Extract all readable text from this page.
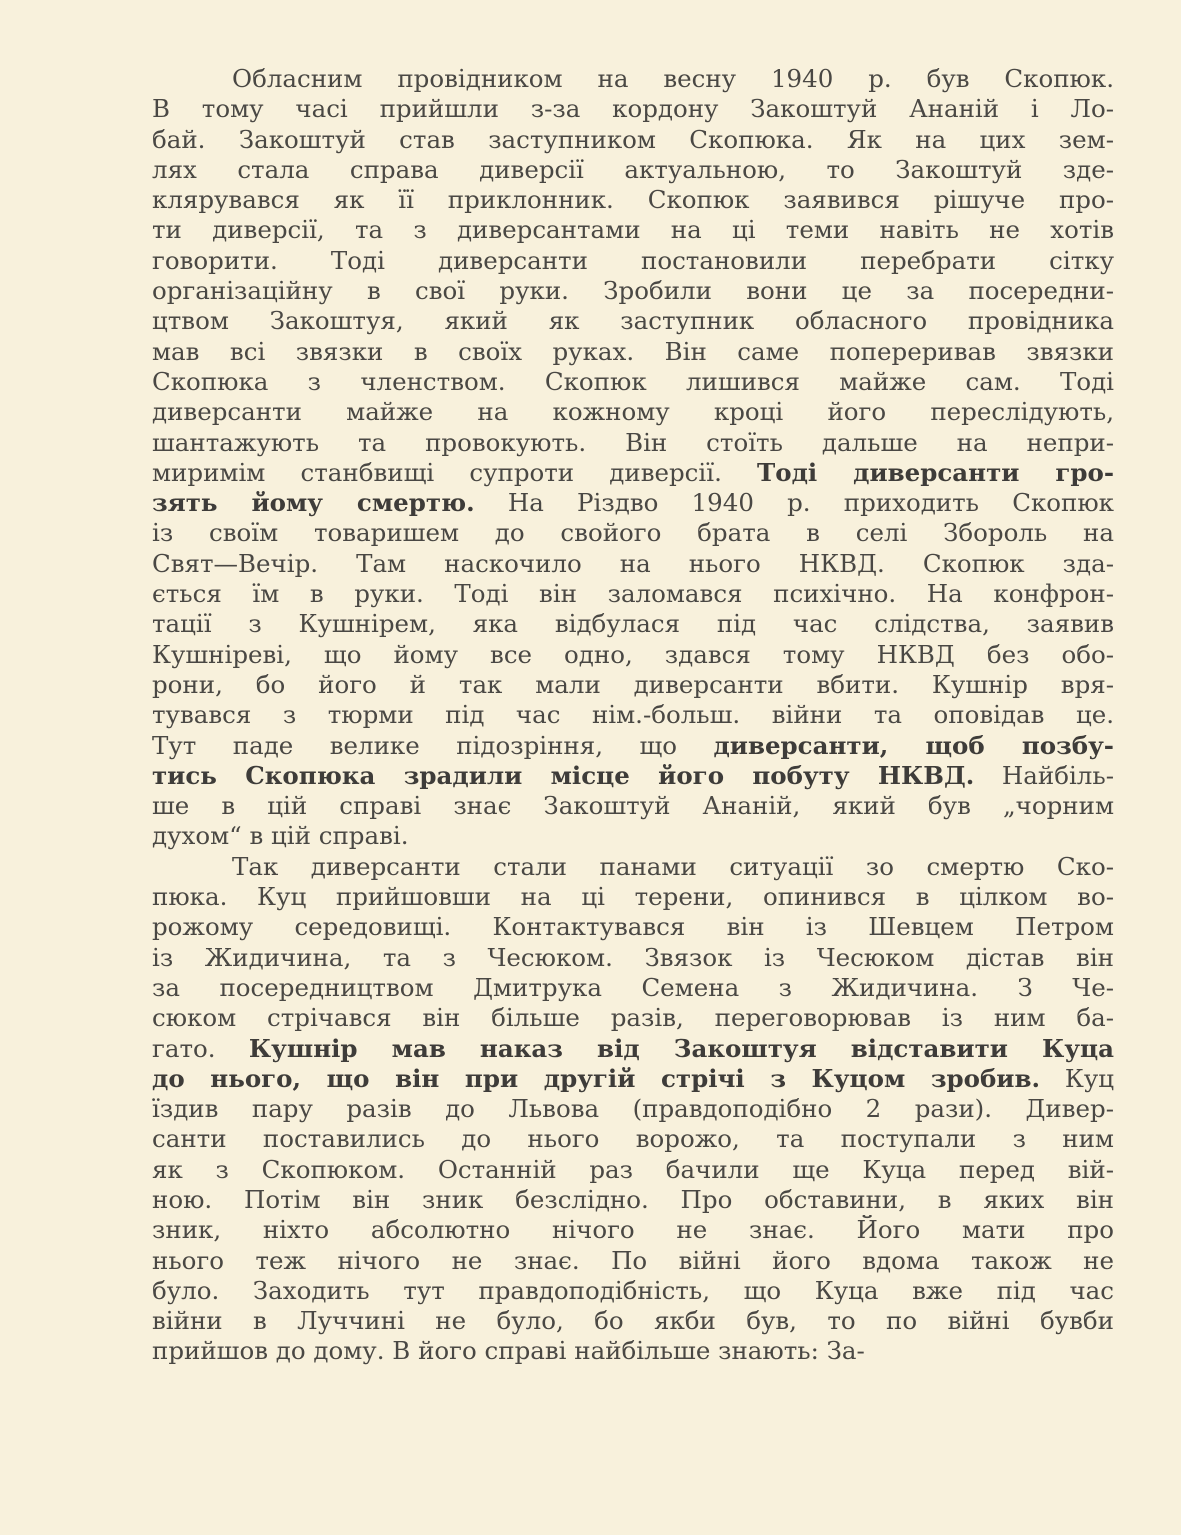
Обласним провідником на весну 1940 р. був Скопюк.
В тому часі прийшли з-за кордону Закоштуй Ананій і Ло-
бай. Закоштуй став заступником Скопюка. Як на цих зем-
лях стала справа диверсії актуальною, то Закоштуй зде-
клярувався як її приклонник. Скопюк заявився рішуче про-
ти диверсії, та з диверсантами на ці теми навіть не хотів
говорити. Тоді диверсанти постановили перебрати сітку
організаційну в свої руки. Зробили вони це за посередни-
цтвом Закоштуя, який як заступник обласного провідника
мав всі звязки в своїх руках. Він саме попереривав звязки
Скопюка з членством. Скопюк лишився майже сам. Тоді
диверсанти майже на кожному кроці його переслідують,
шантажують та провокують. Він стоїть дальше на непри-
миримім станбвищі супроти диверсії. Тоді диверсанти гро-
зять йому смертю. На Різдво 1940 р. приходить Скопюк
із своїм товаришем до свойого брата в селі Збороль на
Свят—Вечір. Там наскочило на нього НКВД. Скопюк зда-
ється їм в руки. Тоді він заломався психічно. На конфрон-
тації з Кушнірем, яка відбулася під час слідства, заявив
Кушніреві, що йому все одно, здався тому НКВД без обо-
рони, бо його й так мали диверсанти вбити. Кушнір вря-
тувався з тюрми під час нім.-больш. війни та оповідав це.
Тут паде велике підозріння, що диверсанти, щоб позбу-
тись Скопюка зрадили місце його побуту НКВД. Найбіль-
ше в цій справі знає Закоштуй Ананій, який був „чорним
духом“ в цій справі.
Так диверсанти стали панами ситуації зо смертю Ско-
пюка. Куц прийшовши на ці терени, опинився в цілком во-
рожому середовищі. Контактувався він із Шевцем Петром
із Жидичина, та з Чесюком. Звязок із Чесюком дістав він
за посередництвом Дмитрука Семена з Жидичина. З Че-
сюком стрічався він більше разів, переговорював із ним ба-
гато. Кушнір мав наказ від Закоштуя відставити Куца
до нього, що він при другій стрічі з Куцом зробив. Куц
їздив пару разів до Львова (правдоподібно 2 рази). Дивер-
санти поставились до нього ворожо, та поступали з ним
як з Скопюком. Останній раз бачили ще Куца перед вій-
ною. Потім він зник безслідно. Про обставини, в яких він
зник, ніхто абсолютно нічого не знає. Його мати про
нього теж нічого не знає. По війні його вдома також не
було. Заходить тут правдоподібність, що Куца вже під час
війни в Луччині не було, бо якби був, то по війні бувби
прийшов до дому. В його справі найбільше знають: За-
